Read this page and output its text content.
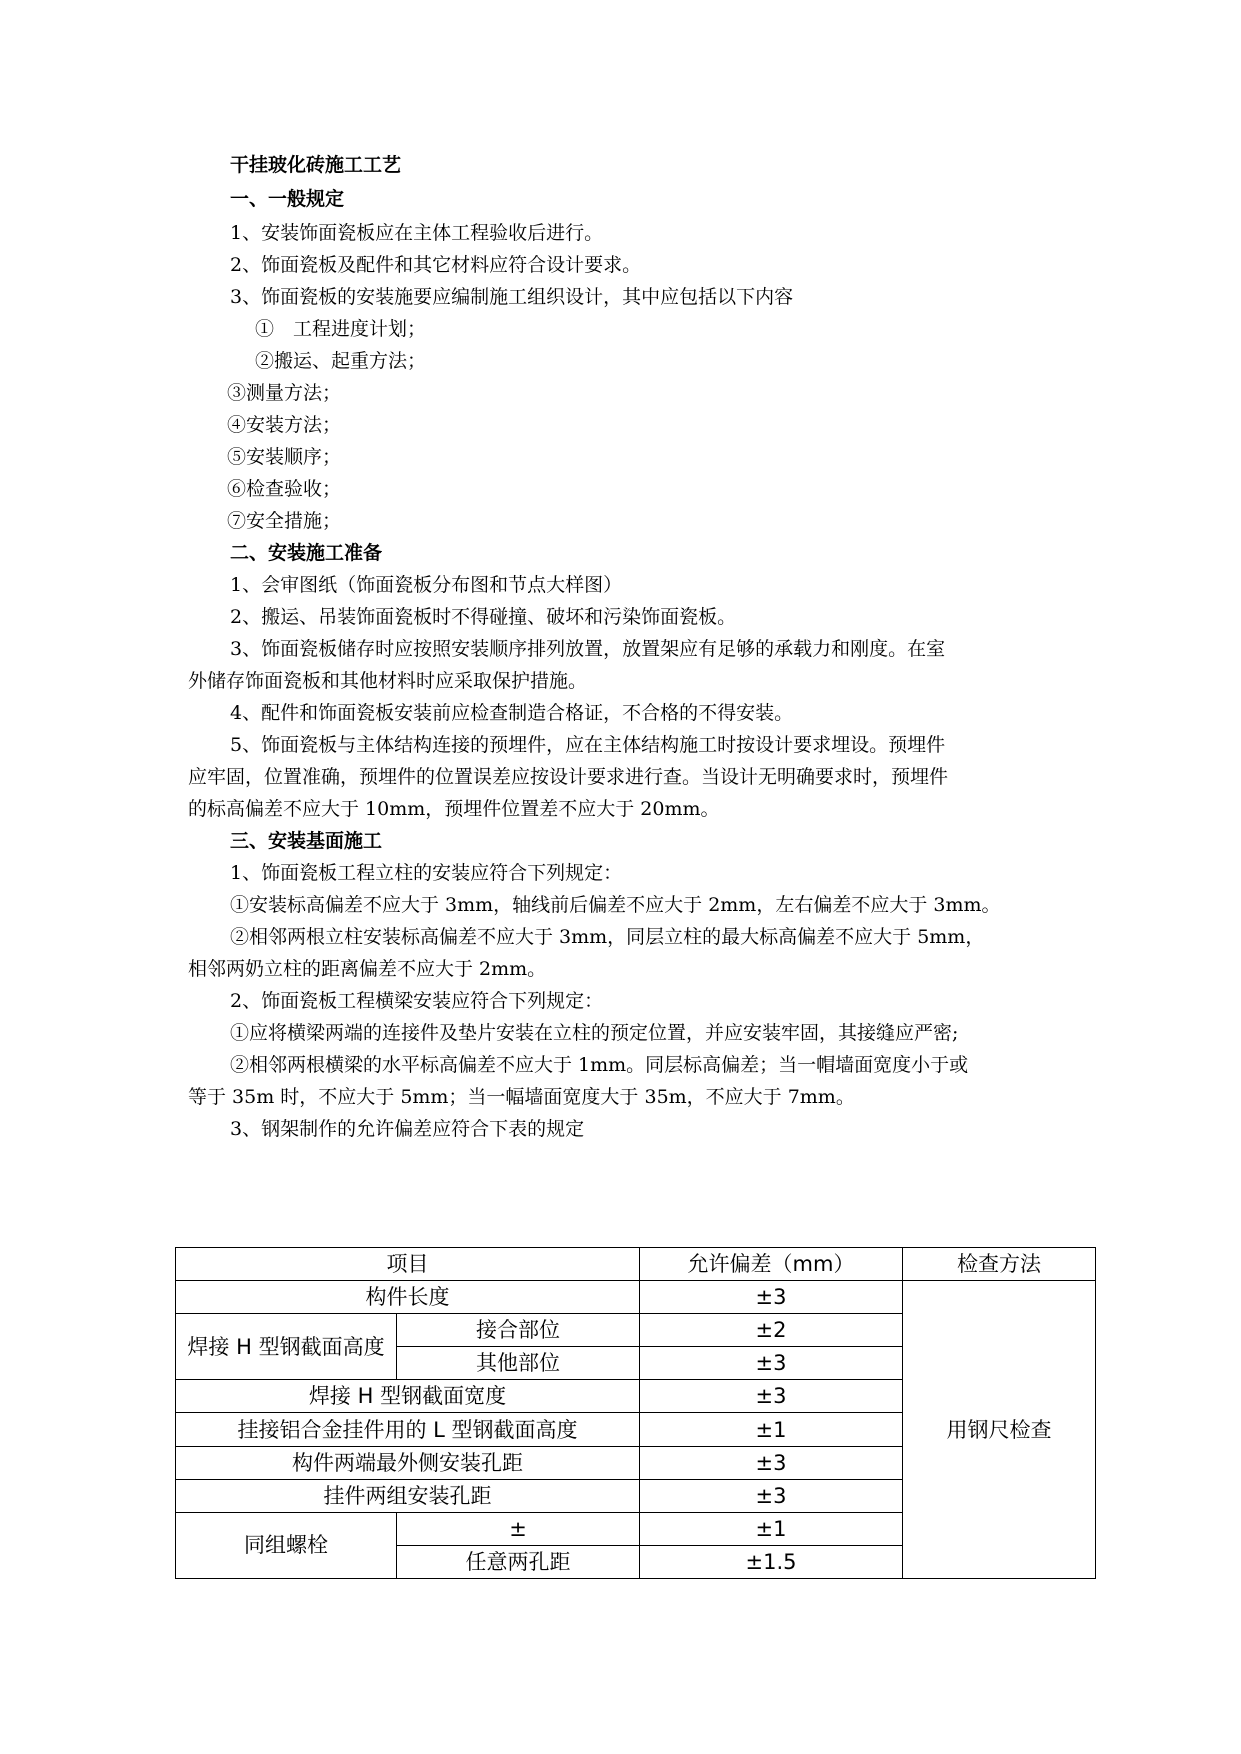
干挂玻化砖施工工艺
一、一般规定
1、安装饰面瓷板应在主体工程验收后进行。
2、饰面瓷板及配件和其它材料应符合设计要求。
3、饰面瓷板的安装施要应编制施工组织设计，其中应包括以下内容
①　工程进度计划；
②搬运、起重方法；
③测量方法；
④安装方法；
⑤安装顺序；
⑥检查验收；
⑦安全措施；
二、安装施工准备
1、会审图纸（饰面瓷板分布图和节点大样图）
2、搬运、吊装饰面瓷板时不得碰撞、破坏和污染饰面瓷板。
3、饰面瓷板储存时应按照安装顺序排列放置，放置架应有足够的承载力和刚度。在室
外储存饰面瓷板和其他材料时应采取保护措施。
4、配件和饰面瓷板安装前应检查制造合格证，不合格的不得安装。
5、饰面瓷板与主体结构连接的预埋件，应在主体结构施工时按设计要求埋设。预埋件
应牢固，位置准确，预埋件的位置误差应按设计要求进行查。当设计无明确要求时，预埋件
的标高偏差不应大于 10mm，预埋件位置差不应大于 20mm。
三、安装基面施工
1、饰面瓷板工程立柱的安装应符合下列规定：
①安装标高偏差不应大于 3mm，轴线前后偏差不应大于 2mm，左右偏差不应大于 3mm。
②相邻两根立柱安装标高偏差不应大于 3mm，同层立柱的最大标高偏差不应大于 5mm，
相邻两奶立柱的距离偏差不应大于 2mm。
2、饰面瓷板工程横梁安装应符合下列规定：
①应将横梁两端的连接件及垫片安装在立柱的预定位置，并应安装牢固，其接缝应严密;
②相邻两根横梁的水平标高偏差不应大于 1mm。同层标高偏差；当一帽墙面宽度小于或
等于 35m 时，不应大于 5mm；当一幅墙面宽度大于 35m，不应大于 7mm。
3、钢架制作的允许偏差应符合下表的规定
项目		允许偏差（mm）	检查方法
构件长度		±3	用钢尺检查
焊接 H 型钢截面高度	接合部位	±2	
	其他部位	±3	
焊接 H 型钢截面宽度		±3	
挂接铝合金挂件用的 L 型钢截面高度		±1	
构件两端最外侧安装孔距		±3	
挂件两组安装孔距		±3	
同组螺栓	±	±1	
	任意两孔距	±1.5	
